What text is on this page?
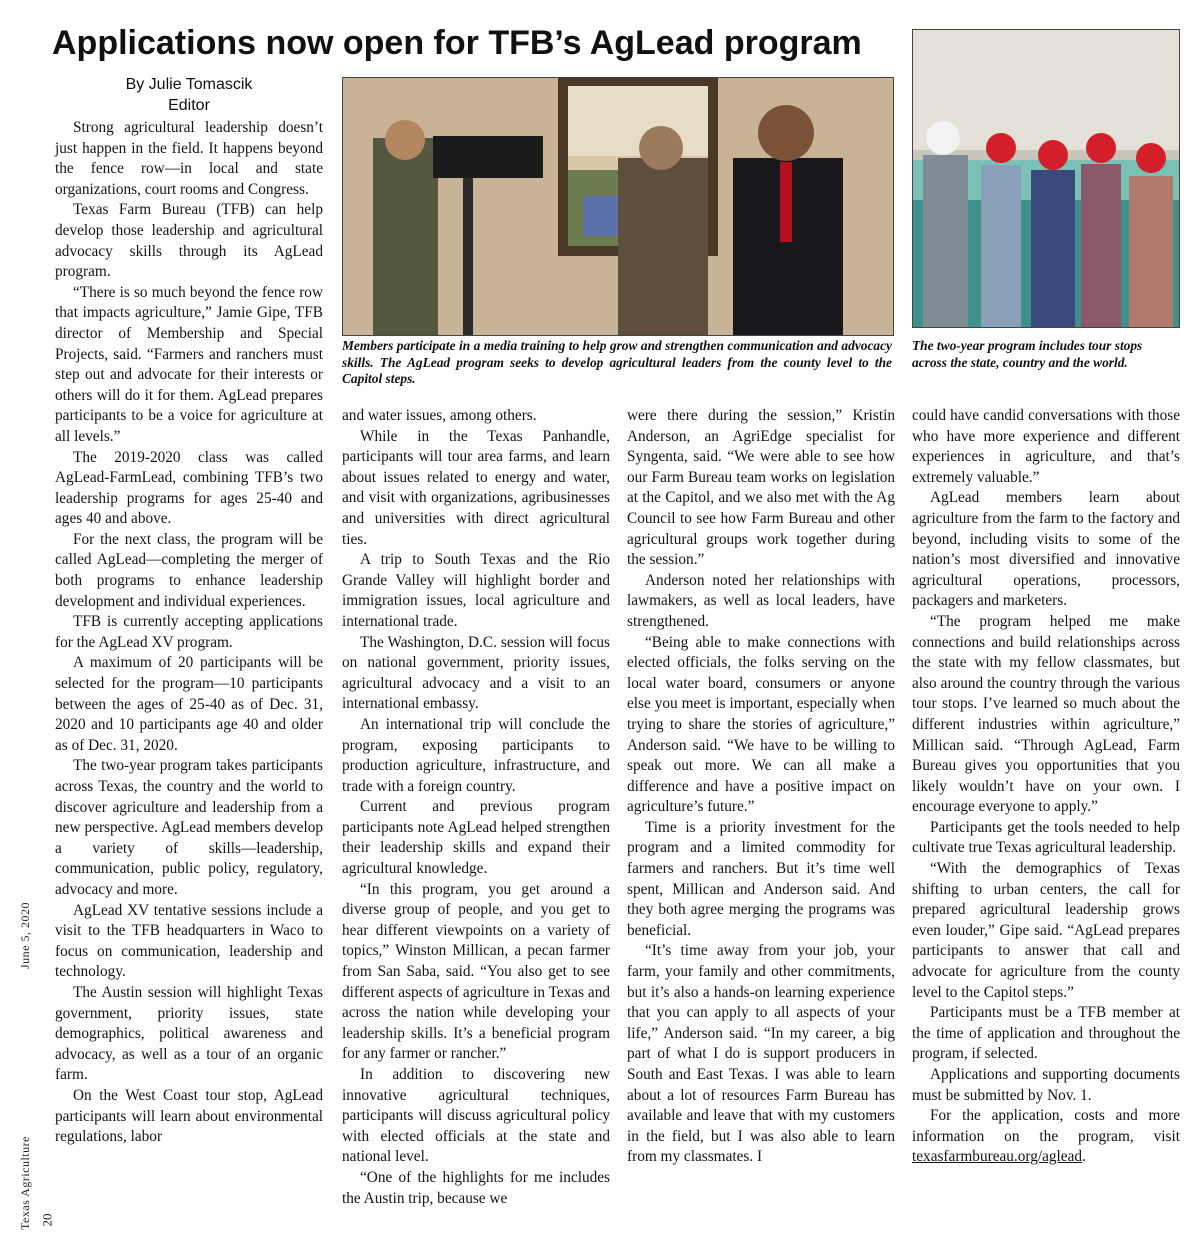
Applications now open for TFB’s AgLead program
By Julie Tomascik
Editor
Members participate in a media training to help grow and strengthen communication and advocacy skills. The AgLead program seeks to develop agricultural leaders from the county level to the Capitol steps.
The two-year program includes tour stops across the state, country and the world.

Strong agricultural leadership doesn’t just happen in the field. It happens beyond the fence row—in local and state organizations, court rooms and Congress.

Texas Farm Bureau (TFB) can help develop those leadership and agricultural advocacy skills through its AgLead program.

“There is so much beyond the fence row that impacts agriculture,” Jamie Gipe, TFB director of Membership and Special Projects, said. “Farmers and ranchers must step out and advocate for their interests or others will do it for them. AgLead prepares participants to be a voice for agriculture at all levels.”

The 2019-2020 class was called AgLead-FarmLead, combining TFB’s two leadership programs for ages 25-40 and ages 40 and above.

For the next class, the program will be called AgLead—completing the merger of both programs to enhance leadership development and individual experiences.

TFB is currently accepting applications for the AgLead XV program.

A maximum of 20 participants will be selected for the program—10 participants between the ages of 25-40 as of Dec. 31, 2020 and 10 participants age 40 and older as of Dec. 31, 2020.

The two-year program takes participants across Texas, the country and the world to discover agriculture and leadership from a new perspective. AgLead members develop a variety of skills—leadership, communication, public policy, regulatory, advocacy and more.

AgLead XV tentative sessions include a visit to the TFB headquarters in Waco to focus on communication, leadership and technology.

The Austin session will highlight Texas government, priority issues, state demographics, political awareness and advocacy, as well as a tour of an organic farm.

On the West Coast tour stop, AgLead participants will learn about environmental regulations, labor

and water issues, among others.

While in the Texas Panhandle, participants will tour area farms, and learn about issues related to energy and water, and visit with organizations, agribusinesses and universities with direct agricultural ties.

A trip to South Texas and the Rio Grande Valley will highlight border and immigration issues, local agriculture and international trade.

The Washington, D.C. session will focus on national government, priority issues, agricultural advocacy and a visit to an international embassy.

An international trip will conclude the program, exposing participants to production agriculture, infrastructure, and trade with a foreign country.

Current and previous program participants note AgLead helped strengthen their leadership skills and expand their agricultural knowledge.

“In this program, you get around a diverse group of people, and you get to hear different viewpoints on a variety of topics,” Winston Millican, a pecan farmer from San Saba, said. “You also get to see different aspects of agriculture in Texas and across the nation while developing your leadership skills. It’s a beneficial program for any farmer or rancher.”

In addition to discovering new innovative agricultural techniques, participants will discuss agricultural policy with elected officials at the state and national level.

“One of the highlights for me includes the Austin trip, because we

were there during the session,” Kristin Anderson, an AgriEdge specialist for Syngenta, said. “We were able to see how our Farm Bureau team works on legislation at the Capitol, and we also met with the Ag Council to see how Farm Bureau and other agricultural groups work together during the session.”

Anderson noted her relationships with lawmakers, as well as local leaders, have strengthened.

“Being able to make connections with elected officials, the folks serving on the local water board, consumers or anyone else you meet is important, especially when trying to share the stories of agriculture,” Anderson said. “We have to be willing to speak out more. We can all make a difference and have a positive impact on agriculture’s future.”

Time is a priority investment for the program and a limited commodity for farmers and ranchers. But it’s time well spent, Millican and Anderson said. And they both agree merging the programs was beneficial.

“It’s time away from your job, your farm, your family and other commitments, but it’s also a hands-on learning experience that you can apply to all aspects of your life,” Anderson said. “In my career, a big part of what I do is support producers in South and East Texas. I was able to learn about a lot of resources Farm Bureau has available and leave that with my customers in the field, but I was also able to learn from my classmates. I

could have candid conversations with those who have more experience and different experiences in agriculture, and that’s extremely valuable.”

AgLead members learn about agriculture from the farm to the factory and beyond, including visits to some of the nation’s most diversified and innovative agricultural operations, processors, packagers and marketers.

“The program helped me make connections and build relationships across the state with my fellow classmates, but also around the country through the various tour stops. I’ve learned so much about the different industries within agriculture,” Millican said. “Through AgLead, Farm Bureau gives you opportunities that you likely wouldn’t have on your own. I encourage everyone to apply.”

Participants get the tools needed to help cultivate true Texas agricultural leadership.

“With the demographics of Texas shifting to urban centers, the call for prepared agricultural leadership grows even louder,” Gipe said. “AgLead prepares participants to answer that call and advocate for agriculture from the county level to the Capitol steps.”

Participants must be a TFB member at the time of application and throughout the program, if selected.

Applications and supporting documents must be submitted by Nov. 1.

For the application, costs and more information on the program, visit texasfarmbureau.org/aglead.

Texas Agriculture  June 5, 2020
20
